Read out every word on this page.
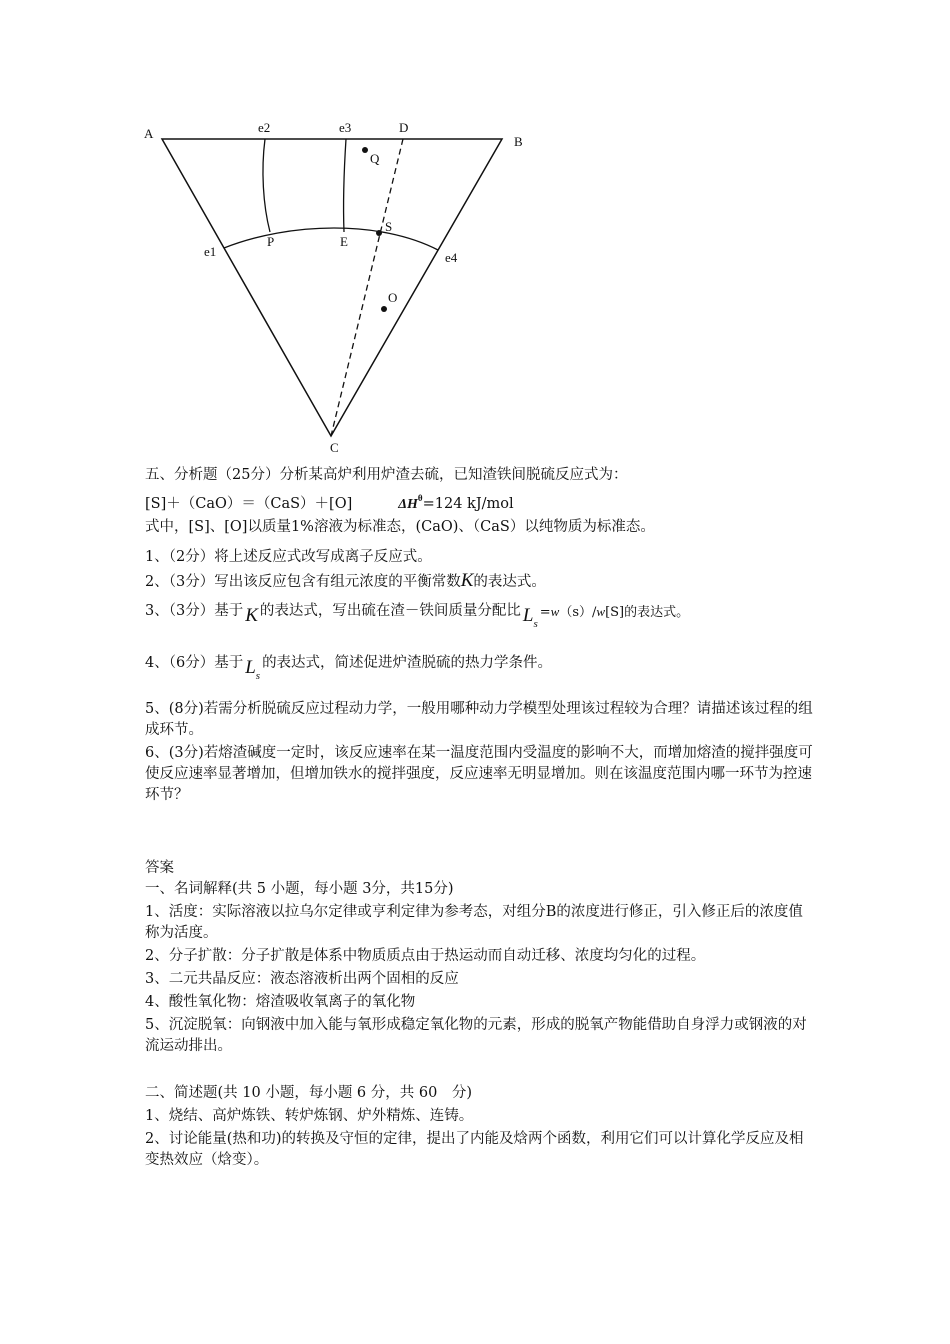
A
B
C
D
e2	e3
e1	e4
P	E
S
Q
O

五、分析题（25分）分析某高炉利用炉渣去硫，已知渣铁间脱硫反应式为：

[S]＋（CaO）＝（CaS）＋[O]	$\Delta H^\theta=124$ kJ/mol

式中，[S]、[O]以质量1%溶液为标准态，(CaO)、（CaS）以纯物质为标准态。

1、（2分）将上述反应式改写成离子反应式。

2、（3分）写出该反应包含有组元浓度的平衡常数K的表达式。

3、（3分）基于 K 的表达式，写出硫在渣－铁间质量分配比 $L_s$
=w（s）/w[S]的表达式。
4、（6分）基于 $L_s$
的表达式，简述促进炉渣脱硫的热力学条件。

5、(8分)若需分析脱硫反应过程动力学，一般用哪种动力学模型处理该过程较为合理？请描述该过程的组成环节。

6、(3分)若熔渣碱度一定时，该反应速率在某一温度范围内受温度的影响不大，而增加熔渣的搅拌强度可使反应速率显著增加，但增加铁水的搅拌强度，反应速率无明显增加。则在该温度范围内哪一环节为控速环节？

答案

一、名词解释(共 5 小题，每小题 3分，共15分)

1、活度：实际溶液以拉乌尔定律或亨利定律为参考态，对组分B的浓度进行修正，引入修正后的浓度值称为活度。

2、分子扩散：分子扩散是体系中物质质点由于热运动而自动迁移、浓度均匀化的过程。

3、二元共晶反应：液态溶液析出两个固相的反应

4、酸性氧化物：熔渣吸收氧离子的氧化物

5、沉淀脱氧：向钢液中加入能与氧形成稳定氧化物的元素，形成的脱氧产物能借助自身浮力或钢液的对流运动排出。

二、简述题(共 10 小题，每小题 6 分，共 60　分)

1、烧结、高炉炼铁、转炉炼钢、炉外精炼、连铸。

2、讨论能量(热和功)的转换及守恒的定律，提出了内能及焓两个函数，利用它们可以计算化学反应及相变热效应（焓变）。
